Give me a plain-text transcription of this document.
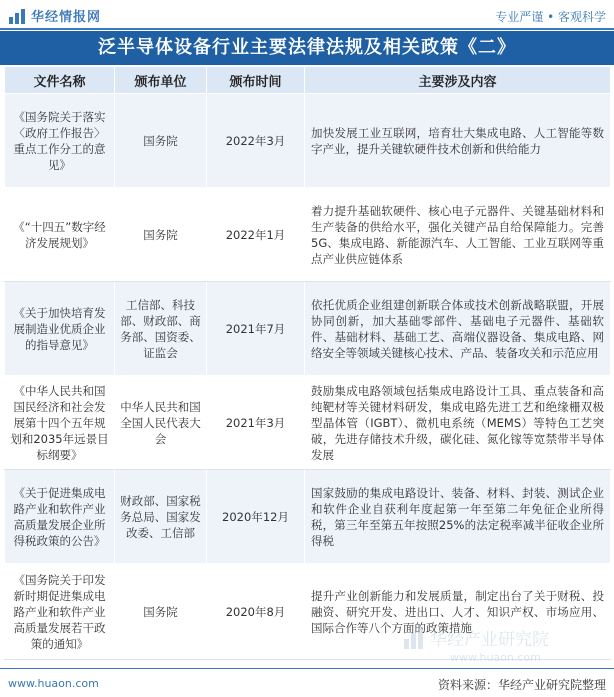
华经情报网	专业严谨 • 客观科学
泛半导体设备行业主要法律法规及相关政策《二》
文件名称	颁布单位	颁布时间	主要涉及内容
《国务院关于落实〈政府工作报告〉重点工作分工的意见》	国务院	2022年3月	加快发展工业互联网，培育壮大集成电路、人工智能等数字产业，提升关键软硬件技术创新和供给能力
《“十四五”数字经济发展规划》	国务院	2022年1月	着力提升基础软硬件、核心电子元器件、关键基础材料和生产装备的供给水平，强化关键产品自给保障能力。完善5G、集成电路、新能源汽车、人工智能、工业互联网等重点产业供应链体系
《关于加快培育发展制造业优质企业的指导意见》	工信部、科技部、财政部、商务部、国资委、证监会	2021年7月	依托优质企业组建创新联合体或技术创新战略联盟，开展协同创新，加大基础零部件、基础电子元器件、基础软件、基础材料、基础工艺、高端仪器设备、集成电路、网络安全等领域关键核心技术、产品、装备攻关和示范应用
《中华人民共和国国民经济和社会发展第十四个五年规划和2035年远景目标纲要》	中华人民共和国全国人民代表大会	2021年3月	鼓励集成电路领域包括集成电路设计工具、重点装备和高纯靶材等关键材料研发，集成电路先进工艺和绝缘栅双极型晶体管（IGBT）、微机电系统（MEMS）等特色工艺突破，先进存储技术升级，碳化硅、氮化镓等宽禁带半导体发展
《关于促进集成电路产业和软件产业高质量发展企业所得税政策的公告》	财政部、国家税务总局、国家发改委、工信部	2020年12月	国家鼓励的集成电路设计、装备、材料、封装、测试企业和软件企业自获利年度起第一年至第二年免征企业所得税，第三年至第五年按照25%的法定税率减半征收企业所得税
《国务院关于印发新时期促进集成电路产业和软件产业高质量发展若干政策的通知》	国务院	2020年8月	提升产业创新能力和发展质量，制定出台了关于财税、投融资、研究开发、进出口、人才、知识产权、市场应用、国际合作等八个方面的政策措施
华经产业研究院
www.huaon.com
www.huaon.com	资料来源：华经产业研究院整理
